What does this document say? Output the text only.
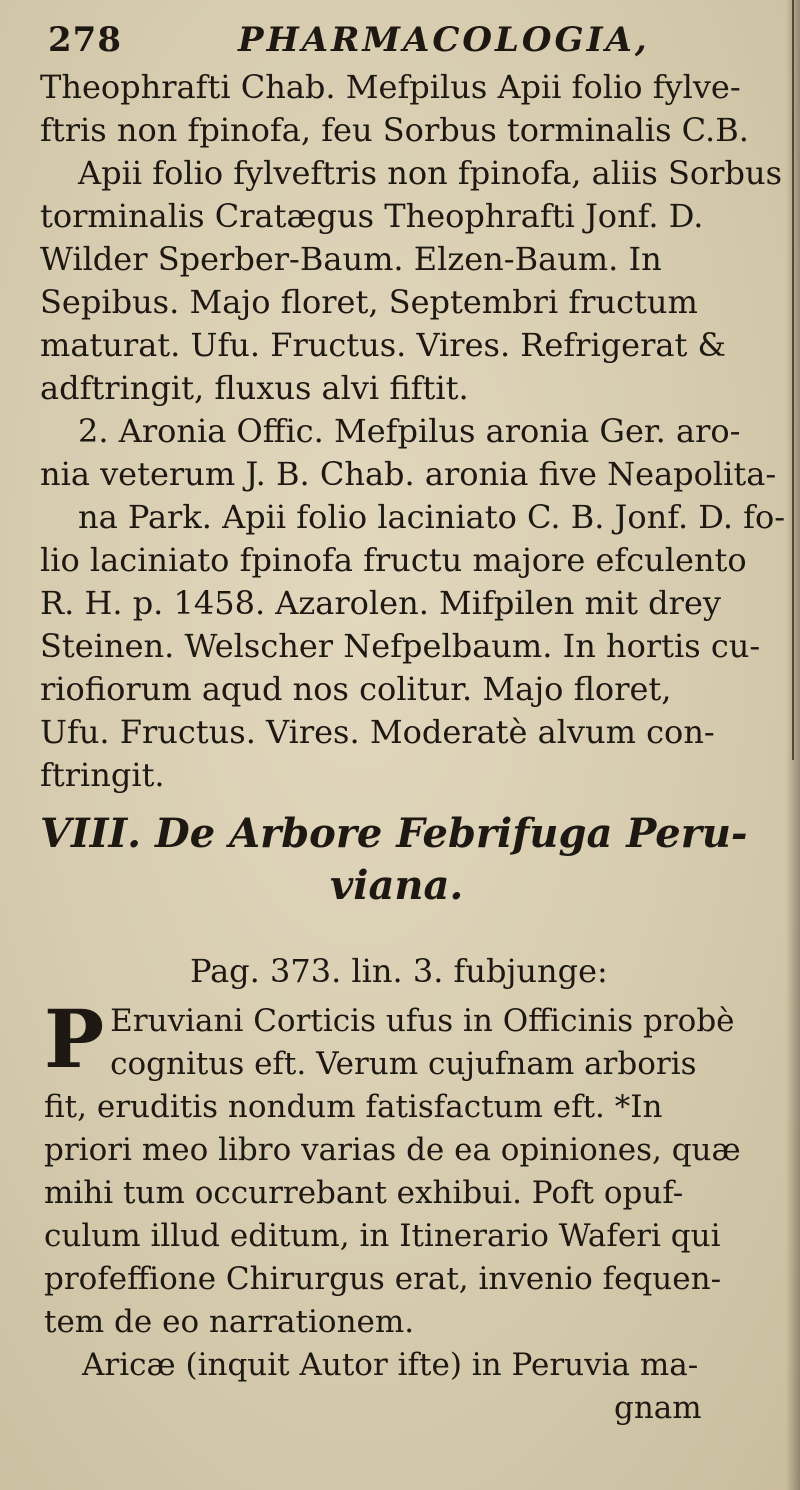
278	PHARMACOLOGIA,
Theophrafti Chab. Mefpilus Apii folio fylve-
ftris non fpinofa, feu Sorbus torminalis C.B.
Apii folio fylveftris non fpinofa, aliis Sorbus
torminalis Cratægus Theophrafti Jonf. D.
Wilder Sperber-Baum. Elzen-Baum. In
Sepibus. Majo floret, Septembri fructum
maturat. Ufu. Fructus. Vires. Refrigerat &
adftringit, fluxus alvi fiftit.
2. Aronia Offic. Mefpilus aronia Ger. aro-
nia veterum J. B. Chab. aronia five Neapolita-
na Park. Apii folio laciniato C. B. Jonf. D. fo-
lio laciniato fpinofa fructu majore efculento
R. H. p. 1458. Azarolen. Mifpilen mit drey
Steinen. Welscher Nefpelbaum. In hortis cu-
riofiorum aqud nos colitur. Majo floret,
Ufu. Fructus. Vires. Moderatè alvum con-
ftringit.
VIII. De Arbore Febrifuga Peru-
viana.
Pag. 373. lin. 3. fubjunge:
P Eruviani Corticis ufus in Officinis probè
cognitus eft. Verum cujufnam arboris
fit, eruditis nondum fatisfactum eft. *In
priori meo libro varias de ea opiniones, quæ
mihi tum occurrebant exhibui. Poft opuf-
culum illud editum, in Itinerario Waferi qui
profeffione Chirurgus erat, invenio fequen-
tem de eo narrationem.
Aricæ (inquit Autor ifte) in Peruvia ma-
gnam
